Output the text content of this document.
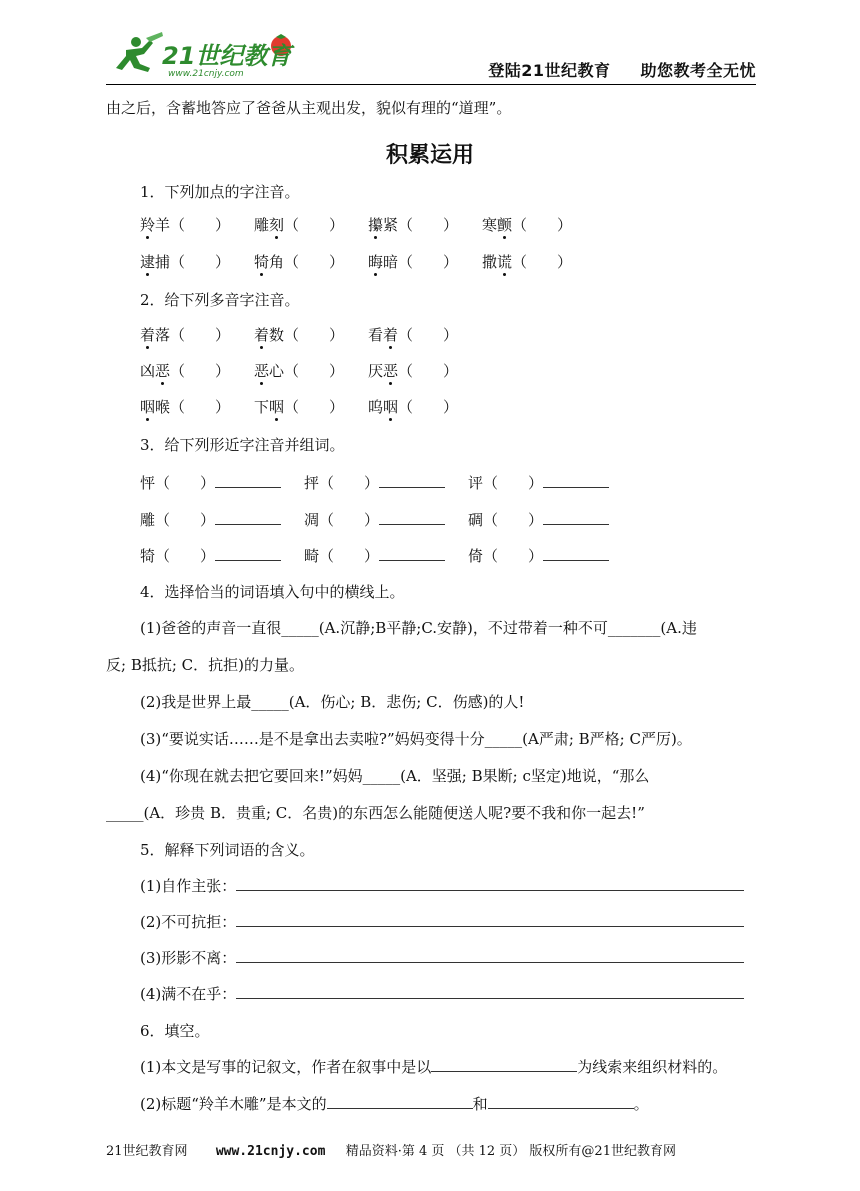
21世纪教育
www.21cnjy.com	登陆21世纪教育 助您教考全无忧
由之后，含蓄地答应了爸爸从主观出发，貌似有理的“道理”。
积累运用
1．下列加点的字注音。
羚羊（　　） 雕刻（　　） 攥紧（　　） 寒颤（　　）
逮捕（　　） 犄角（　　） 晦暗（　　） 撒谎（　　）
2．给下列多音字注音。
着落（　　） 着数（　　） 看着（　　）
凶恶（　　） 恶心（　　） 厌恶（　　）
咽喉（　　） 下咽（　　） 呜咽（　　）
3．给下列形近字注音并组词。
怦（　　）	抨（　　）	评（　　）
雕（　　）	凋（　　）	碉（　　）
犄（　　）	畸（　　）	倚（　　）
4．选择恰当的词语填入句中的横线上。
(1)爸爸的声音一直很_____(A.沉静;B平静;C.安静)，不过带着一种不可_______(A.违
反; B抵抗; C．抗拒)的力量。
(2)我是世界上最_____(A．伤心; B．悲伤; C．伤感)的人!
(3)“要说实话……是不是拿出去卖啦?”妈妈变得十分_____(A严肃; B严格; C严厉)。
(4)“你现在就去把它要回来!”妈妈_____(A．坚强; B果断; c坚定)地说，“那么
_____(A．珍贵 B．贵重; C．名贵)的东西怎么能随便送人呢?要不我和你一起去!”
5．解释下列词语的含义。
(1)自作主张：
(2)不可抗拒：
(3)形影不离：
(4)满不在乎：
6．填空。
(1)本文是写事的记叙文，作者在叙事中是以	为线索来组织材料的。
(2)标题“羚羊木雕”是本文的	和	。
21世纪教育网 www.21cnjy.com 精品资料·第 4 页 （共 12 页） 版权所有@21世纪教育网
